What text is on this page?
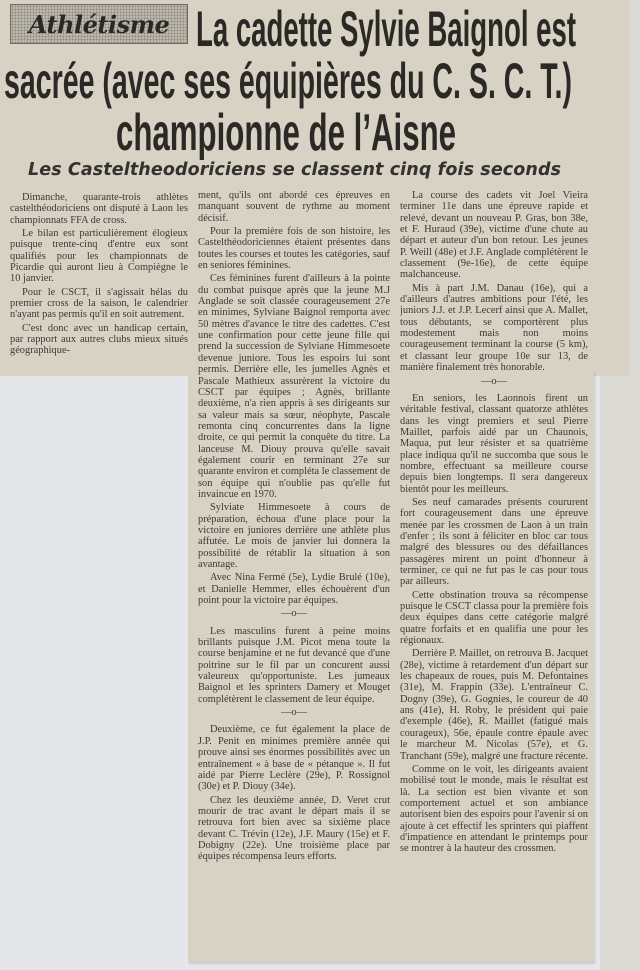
Athlétisme La cadette Sylvie Baignol est
sacrée (avec ses équipières du C. S. C. T.)
championne de l’Aisne
Les Casteltheodoriciens se classent cinq fois seconds

Dimanche, quarante-trois athlètes castelthéodoriciens ont disputé à Laon les championnats FFA de cross.

Le bilan est particulièrement élogieux puisque trente-cinq d'entre eux sont qualifiés pour les championnats de Picardie qui auront lieu à Compiègne le 10 janvier.

Pour le CSCT, il s'agissait hélas du premier cross de la saison, le calendrier n'ayant pas permis qu'il en soit autrement.

C'est donc avec un handicap certain, par rapport aux autres clubs mieux situés géographique-

ment, qu'ils ont abordé ces épreuves en manquant souvent de rythme au moment décisif.

Pour la première fois de son histoire, les Castelthéodoriciennes étaient présentes dans toutes les courses et toutes les catégories, sauf en seniores féminines.

Ces féminines furent d'ailleurs à la pointe du combat puisque après que la jeune M.J Anglade se soit classée courageusement 27e en minimes, Sylviane Baignol remporta avec 50 mètres d'avance le titre des cadettes. C'est une confirmation pour cette jeune fille qui prend la succession de Sylviane Himmesoete devenue juniore. Tous les espoirs lui sont permis. Derrière elle, les jumelles Agnès et Pascale Mathieux assurèrent la victoire du CSCT par équipes ; Agnès, brillante deuxième, n'a rien appris à ses dirigeants sur sa valeur mais sa sœur, néophyte, Pascale remonta cinq concurrentes dans la ligne droite, ce qui permit la conquête du titre. La lanceuse M. Diouy prouva qu'elle savait également courir en terminant 27e sur quarante environ et compléta le classement de son équipe qui n'oublie pas qu'elle fut invaincue en 1970.

Sylviate Himmesoete à cours de préparation, échoua d'une place pour la victoire en juniores derrière une athlète plus affutée. Le mois de janvier lui donnera la possibilité de rétablir la situation à son avantage.

Avec Nina Fermé (5e), Lydie Brulé (10e), et Danielle Hemmer, elles échouèrent d'un point pour la victoire par équipes.

—o—

Les masculins furent à peine moins brillants puisque J.M. Picot mena toute la course benjamine et ne fut devancé que d'une poitrine sur le fil par un concurent aussi valeureux qu'opportuniste. Les jumeaux Baignol et les sprinters Damery et Mouget complétèrent le classement de leur équipe.

—o—

Deuxième, ce fut également la place de J.P. Penit en minimes première année qui prouve ainsi ses énormes possibilités avec un entraînement « à base de « pétanque ». Il fut aidé par Pierre Leclère (29e), P. Rossignol (30e) et P. Diouy (34e).

Chez les deuxième année, D. Veret crut mourir de trac avant le départ mais il se retrouva fort bien avec sa sixième place devant C. Trévin (12e), J.F. Maury (15e) et F. Dobigny (22e). Une troisième place par équipes récompensa leurs efforts.

La course des cadets vit Joel Vieira terminer 11e dans une épreuve rapide et relevé, devant un nouveau P. Gras, bon 38e, et F. Huraud (39e), victime d'une chute au départ et auteur d'un bon retour. Les jeunes P. Weill (48e) et J.F. Anglade complétèrent le classement (9e-16e), de cette équipe malchanceuse.

Mis à part J.M. Danau (16e), qui a d'ailleurs d'autres ambitions pour l'été, les juniors J.J. et J.P. Lecerf ainsi que A. Mallet, tous débutants, se comportèrent plus modestement mais non moins courageusement terminant la course (5 km), et classant leur groupe 10e sur 13, de manière finalement très honorable.

—o—

En seniors, les Laonnois firent un véritable festival, classant quatorze athlètes dans les vingt premiers et seul Pierre Maillet, parfois aidé par un Chaunois, Maqua, put leur résister et sa quatrième place indiqua qu'il ne succomba que sous le nombre, effectuant sa meilleure course depuis bien longtemps. Il sera dangereux bientôt pour les meilleurs.

Ses neuf camarades présents coururent fort courageusement dans une épreuve menée par les crossmen de Laon à un train d'enfer ; ils sont à féliciter en bloc car tous malgré des blessures ou des défaillances passagères mirent un point d'honneur à terminer, ce qui ne fut pas le cas pour tous par ailleurs.

Cette obstination trouva sa récompense puisque le CSCT classa pour la première fois deux équipes dans cette catégorie malgré quatre forfaits et en qualifia une pour les régionaux.

Derrière P. Maillet, on retrouva B. Jacquet (28e), victime à retardement d'un départ sur les chapeaux de roues, puis M. Defontaines (31e), M. Frappin (33e). L'entraîneur C. Dogny (39e), G. Gognies, le coureur de 40 ans (41e), H. Roby, le président qui paie d'exemple (46e), R. Maillet (fatigué mais courageux), 56e, épaule contre épaule avec le marcheur M. Nicolas (57e), et G. Tranchant (59e), malgré une fracture récente.

Comme on le voit, les dirigeants avaient mobilisé tout le monde, mais le résultat est là. La section est bien vivante et son comportement actuel et son ambiance autorisent bien des espoirs pour l'avenir si on ajoute à cet effectif les sprinters qui piaffent d'impatience en attendant le printemps pour se montrer à la hauteur des crossmen.
